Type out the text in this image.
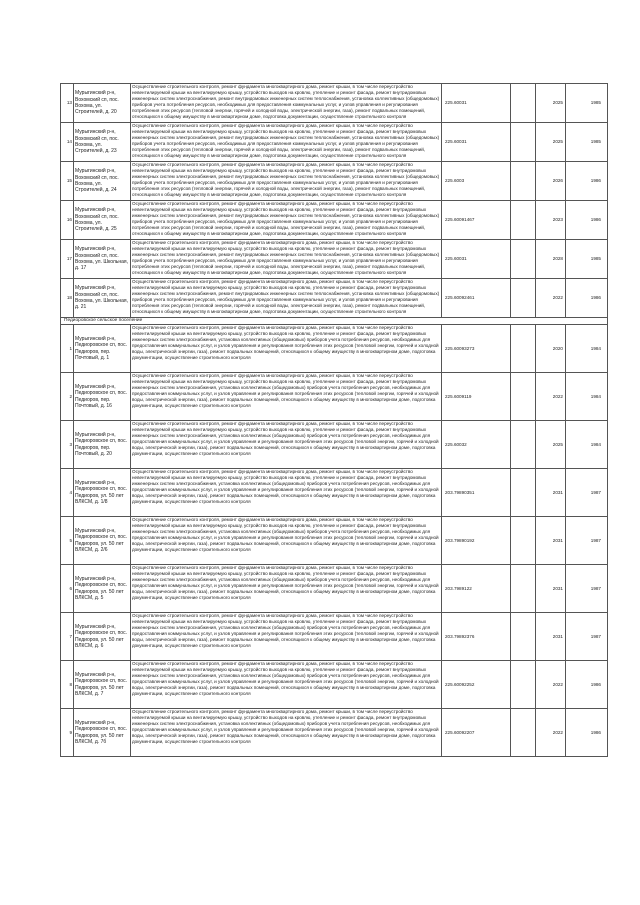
13	Мурыгинский р-н, Вохомский сп, пос. Вохома, ул. Строителей, д. 20	Осуществление строительного контроля, ремонт фундамента многоквартирного дома, ремонт крыши, в том числе переустройство невентилируемой крыши на вентилируемую крышу, устройство выходов на кровлю, утепление и ремонт фасада, ремонт внутридомовых инженерных систем электроснабжения, ремонт внутридомовых инженерных систем теплоснабжения, установка коллективных (общедомовых) приборов учета потребления ресурсов, необходимых для предоставления коммунальных услуг, и узлов управления и регулирования потребления этих ресурсов (тепловой энергии, горячей и холодной воды, электрической энергии, газа), ремонт подвальных помещений, относящихся к общему имуществу в многоквартирном доме, подготовка документации, осуществление строительного контроля	225.60031		2025	1985
14	Мурыгинский р-н, Вохомский сп, пос. Вохома, ул. Строителей, д. 23	Осуществление строительного контроля, ремонт фундамента многоквартирного дома, ремонт крыши, в том числе переустройство невентилируемой крыши на вентилируемую крышу, устройство выходов на кровлю, утепление и ремонт фасада, ремонт внутридомовых инженерных систем электроснабжения, ремонт внутридомовых инженерных систем теплоснабжения, установка коллективных (общедомовых) приборов учета потребления ресурсов, необходимых для предоставления коммунальных услуг, и узлов управления и регулирования потребления этих ресурсов (тепловой энергии, горячей и холодной воды, электрической энергии, газа), ремонт подвальных помещений, относящихся к общему имуществу в многоквартирном доме, подготовка документации, осуществление строительного контроля	225.60031		2025	1985
15	Мурыгинский р-н, Вохомский сп, пос. Вохома, ул. Строителей, д. 24	Осуществление строительного контроля, ремонт фундамента многоквартирного дома, ремонт крыши, в том числе переустройство невентилируемой крыши на вентилируемую крышу, устройство выходов на кровлю, утепление и ремонт фасада, ремонт внутридомовых инженерных систем электроснабжения, ремонт внутридомовых инженерных систем теплоснабжения, установка коллективных (общедомовых) приборов учета потребления ресурсов, необходимых для предоставления коммунальных услуг, и узлов управления и регулирования потребления этих ресурсов (тепловой энергии, горячей и холодной воды, электрической энергии, газа), ремонт подвальных помещений, относящихся к общему имуществу в многоквартирном доме, подготовка документации, осуществление строительного контроля	225.6003		2026	1986
16	Мурыгинский р-н, Вохомский сп, пос. Вохома, ул. Строителей, д. 25	Осуществление строительного контроля, ремонт фундамента многоквартирного дома, ремонт крыши, в том числе переустройство невентилируемой крыши на вентилируемую крышу, устройство выходов на кровлю, утепление и ремонт фасада, ремонт внутридомовых инженерных систем электроснабжения, ремонт внутридомовых инженерных систем теплоснабжения, установка коллективных (общедомовых) приборов учета потребления ресурсов, необходимых для предоставления коммунальных услуг, и узлов управления и регулирования потребления этих ресурсов (тепловой энергии, горячей и холодной воды, электрической энергии, газа), ремонт подвальных помещений, относящихся к общему имуществу в многоквартирном доме, подготовка документации, осуществление строительного контроля	225.60091467		2023	1986
17	Мурыгинский р-н, Вохомский сп, пос. Вохома, ул. Школьная, д. 17	Осуществление строительного контроля, ремонт фундамента многоквартирного дома, ремонт крыши, в том числе переустройство невентилируемой крыши на вентилируемую крышу, устройство выходов на кровлю, утепление и ремонт фасада, ремонт внутридомовых инженерных систем электроснабжения, ремонт внутридомовых инженерных систем теплоснабжения, установка коллективных (общедомовых) приборов учета потребления ресурсов, необходимых для предоставления коммунальных услуг, и узлов управления и регулирования потребления этих ресурсов (тепловой энергии, горячей и холодной воды, электрической энергии, газа), ремонт подвальных помещений, относящихся к общему имуществу в многоквартирном доме, подготовка документации, осуществление строительного контроля	225.60031		2028	1985
18	Мурыгинский р-н, Вохомский сп, пос. Вохома, ул. Школьная, д. 21	Осуществление строительного контроля, ремонт фундамента многоквартирного дома, ремонт крыши, в том числе переустройство невентилируемой крыши на вентилируемую крышу, устройство выходов на кровлю, утепление и ремонт фасада, ремонт внутридомовых инженерных систем электроснабжения, ремонт внутридомовых инженерных систем теплоснабжения, установка коллективных (общедомовых) приборов учета потребления ресурсов, необходимых для предоставления коммунальных услуг, и узлов управления и регулирования потребления этих ресурсов (тепловой энергии, горячей и холодной воды, электрической энергии, газа), ремонт подвальных помещений, относящихся к общему имуществу в многоквартирном доме, подготовка документации, осуществление строительного контроля	225.60092461		2022	1986
Педиоровское сельское поселение						
1	Мурыгинский р-н, Педиоровское сп, пос. Педиоров, пер. Почтовый, д. 1	Осуществление строительного контроля, ремонт фундамента многоквартирного дома, ремонт крыши, в том числе переустройство невентилируемой крыши на вентилируемую крышу, устройство выходов на кровлю, утепление и ремонт фасада, ремонт внутридомовых инженерных систем электроснабжения, установка коллективных (общедомовых) приборов учета потребления ресурсов, необходимых для предоставления коммунальных услуг, и узлов управления и регулирования потребления этих ресурсов (тепловой энергии, горячей и холодной воды, электрической энергии, газа), ремонт подвальных помещений, относящихся к общему имуществу в многоквартирном доме, подготовка документации, осуществление строительного контроля	225.60093273		2020	1984
2	Мурыгинский р-н, Педиоровское сп, пос. Педиоров, пер. Почтовый, д. 16	Осуществление строительного контроля, ремонт фундамента многоквартирного дома, ремонт крыши, в том числе переустройство невентилируемой крыши на вентилируемую крышу, устройство выходов на кровлю, утепление и ремонт фасада, ремонт внутридомовых инженерных систем электроснабжения, установка коллективных (общедомовых) приборов учета потребления ресурсов, необходимых для предоставления коммунальных услуг, и узлов управления и регулирования потребления этих ресурсов (тепловой энергии, горячей и холодной воды, электрической энергии, газа), ремонт подвальных помещений, относящихся к общему имуществу в многоквартирном доме, подготовка документации, осуществление строительного контроля	225.6009119		2022	1984
3	Мурыгинский р-н, Педиоровское сп, пос. Педиоров, пер. Почтовый, д. 20	Осуществление строительного контроля, ремонт фундамента многоквартирного дома, ремонт крыши, в том числе переустройство невентилируемой крыши на вентилируемую крышу, устройство выходов на кровлю, утепление и ремонт фасада, ремонт внутридомовых инженерных систем электроснабжения, установка коллективных (общедомовых) приборов учета потребления ресурсов, необходимых для предоставления коммунальных услуг, и узлов управления и регулирования потребления этих ресурсов (тепловой энергии, горячей и холодной воды, электрической энергии, газа), ремонт подвальных помещений, относящихся к общему имуществу в многоквартирном доме, подготовка документации, осуществление строительного контроля	225.60032		2025	1984
4	Мурыгинский р-н, Педиоровское сп, пос. Педиоров, ул. 50 лет ВЛКСМ, д. 1/8	Осуществление строительного контроля, ремонт фундамента многоквартирного дома, ремонт крыши, в том числе переустройство невентилируемой крыши на вентилируемую крышу, устройство выходов на кровлю, утепление и ремонт фасада, ремонт внутридомовых инженерных систем электроснабжения, установка коллективных (общедомовых) приборов учета потребления ресурсов, необходимых для предоставления коммунальных услуг, и узлов управления и регулирования потребления этих ресурсов (тепловой энергии, горячей и холодной воды, электрической энергии, газа), ремонт подвальных помещений, относящихся к общему имуществу в многоквартирном доме, подготовка документации, осуществление строительного контроля	203.79890351		2031	1987
5	Мурыгинский р-н, Педиоровское сп, пос. Педиоров, ул. 50 лет ВЛКСМ, д. 2/6	Осуществление строительного контроля, ремонт фундамента многоквартирного дома, ремонт крыши, в том числе переустройство невентилируемой крыши на вентилируемую крышу, устройство выходов на кровлю, утепление и ремонт фасада, ремонт внутридомовых инженерных систем электроснабжения, установка коллективных (общедомовых) приборов учета потребления ресурсов, необходимых для предоставления коммунальных услуг, и узлов управления и регулирования потребления этих ресурсов (тепловой энергии, горячей и холодной воды, электрической энергии, газа), ремонт подвальных помещений, относящихся к общему имуществу в многоквартирном доме, подготовка документации, осуществление строительного контроля	203.79890192		2031	1987
6	Мурыгинский р-н, Педиоровское сп, пос. Педиоров, ул. 50 лет ВЛКСМ, д. 5	Осуществление строительного контроля, ремонт фундамента многоквартирного дома, ремонт крыши, в том числе переустройство невентилируемой крыши на вентилируемую крышу, устройство выходов на кровлю, утепление и ремонт фасада, ремонт внутридомовых инженерных систем электроснабжения, установка коллективных (общедомовых) приборов учета потребления ресурсов, необходимых для предоставления коммунальных услуг, и узлов управления и регулирования потребления этих ресурсов (тепловой энергии, горячей и холодной воды, электрической энергии, газа), ремонт подвальных помещений, относящихся к общему имуществу в многоквартирном доме, подготовка документации, осуществление строительного контроля	203.7989122		2031	1987
7	Мурыгинский р-н, Педиоровское сп, пос. Педиоров, ул. 50 лет ВЛКСМ, д. 6	Осуществление строительного контроля, ремонт фундамента многоквартирного дома, ремонт крыши, в том числе переустройство невентилируемой крыши на вентилируемую крышу, устройство выходов на кровлю, утепление и ремонт фасада, ремонт внутридомовых инженерных систем электроснабжения, установка коллективных (общедомовых) приборов учета потребления ресурсов, необходимых для предоставления коммунальных услуг, и узлов управления и регулирования потребления этих ресурсов (тепловой энергии, горячей и холодной воды, электрической энергии, газа), ремонт подвальных помещений, относящихся к общему имуществу в многоквартирном доме, подготовка документации, осуществление строительного контроля	203.79892376		2031	1987
8	Мурыгинский р-н, Педиоровское сп, пос. Педиоров, ул. 50 лет ВЛКСМ, д. 7	Осуществление строительного контроля, ремонт фундамента многоквартирного дома, ремонт крыши, в том числе переустройство невентилируемой крыши на вентилируемую крышу, устройство выходов на кровлю, утепление и ремонт фасада, ремонт внутридомовых инженерных систем электроснабжения, установка коллективных (общедомовых) приборов учета потребления ресурсов, необходимых для предоставления коммунальных услуг, и узлов управления и регулирования потребления этих ресурсов (тепловой энергии, горячей и холодной воды, электрической энергии, газа), ремонт подвальных помещений, относящихся к общему имуществу в многоквартирном доме, подготовка документации, осуществление строительного контроля	225.60092252		2022	1986
9	Мурыгинский р-н, Педиоровское сп, пос. Педиоров, ул. 50 лет ВЛКСМ, д. 7б	Осуществление строительного контроля, ремонт фундамента многоквартирного дома, ремонт крыши, в том числе переустройство невентилируемой крыши на вентилируемую крышу, устройство выходов на кровлю, утепление и ремонт фасада, ремонт внутридомовых инженерных систем электроснабжения, установка коллективных (общедомовых) приборов учета потребления ресурсов, необходимых для предоставления коммунальных услуг, и узлов управления и регулирования потребления этих ресурсов (тепловой энергии, горячей и холодной воды, электрической энергии, газа), ремонт подвальных помещений, относящихся к общему имуществу в многоквартирном доме, подготовка документации, осуществление строительного контроля	225.60092207		2022	1986
